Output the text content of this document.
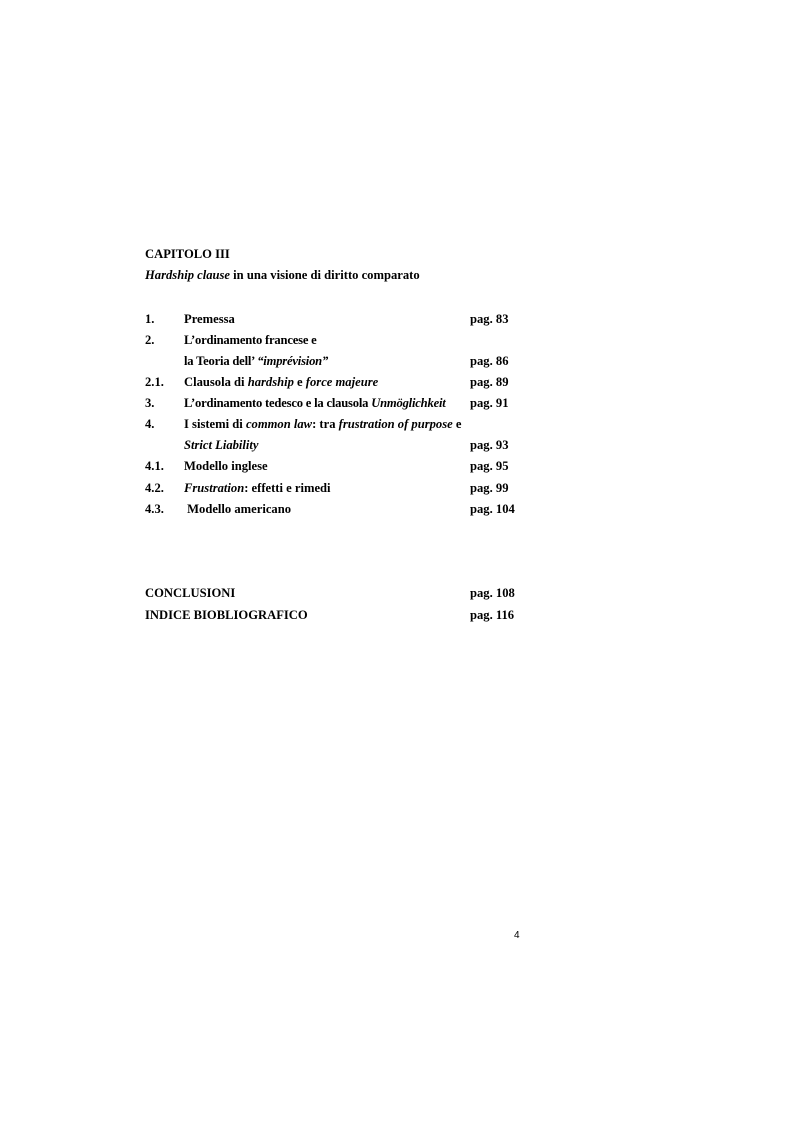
CAPITOLO III
Hardship clause in una visione di diritto comparato
1. Premessa	pag. 83
2. L’ordinamento francese e
la Teoria dell’ “imprévision”	pag. 86
2.1. Clausola di hardship e force majeure	pag. 89
3. L’ordinamento tedesco e la clausola Unmöglichkeit pag. 91
4. I sistemi di common law: tra frustration of purpose e
Strict Liability	pag. 93
4.1. Modello inglese	pag. 95
4.2. Frustration: effetti e rimedi	pag. 99
4.3. Modello americano	pag. 104
CONCLUSIONI	pag. 108
INDICE BIOBLIOGRAFICO	pag. 116
4
